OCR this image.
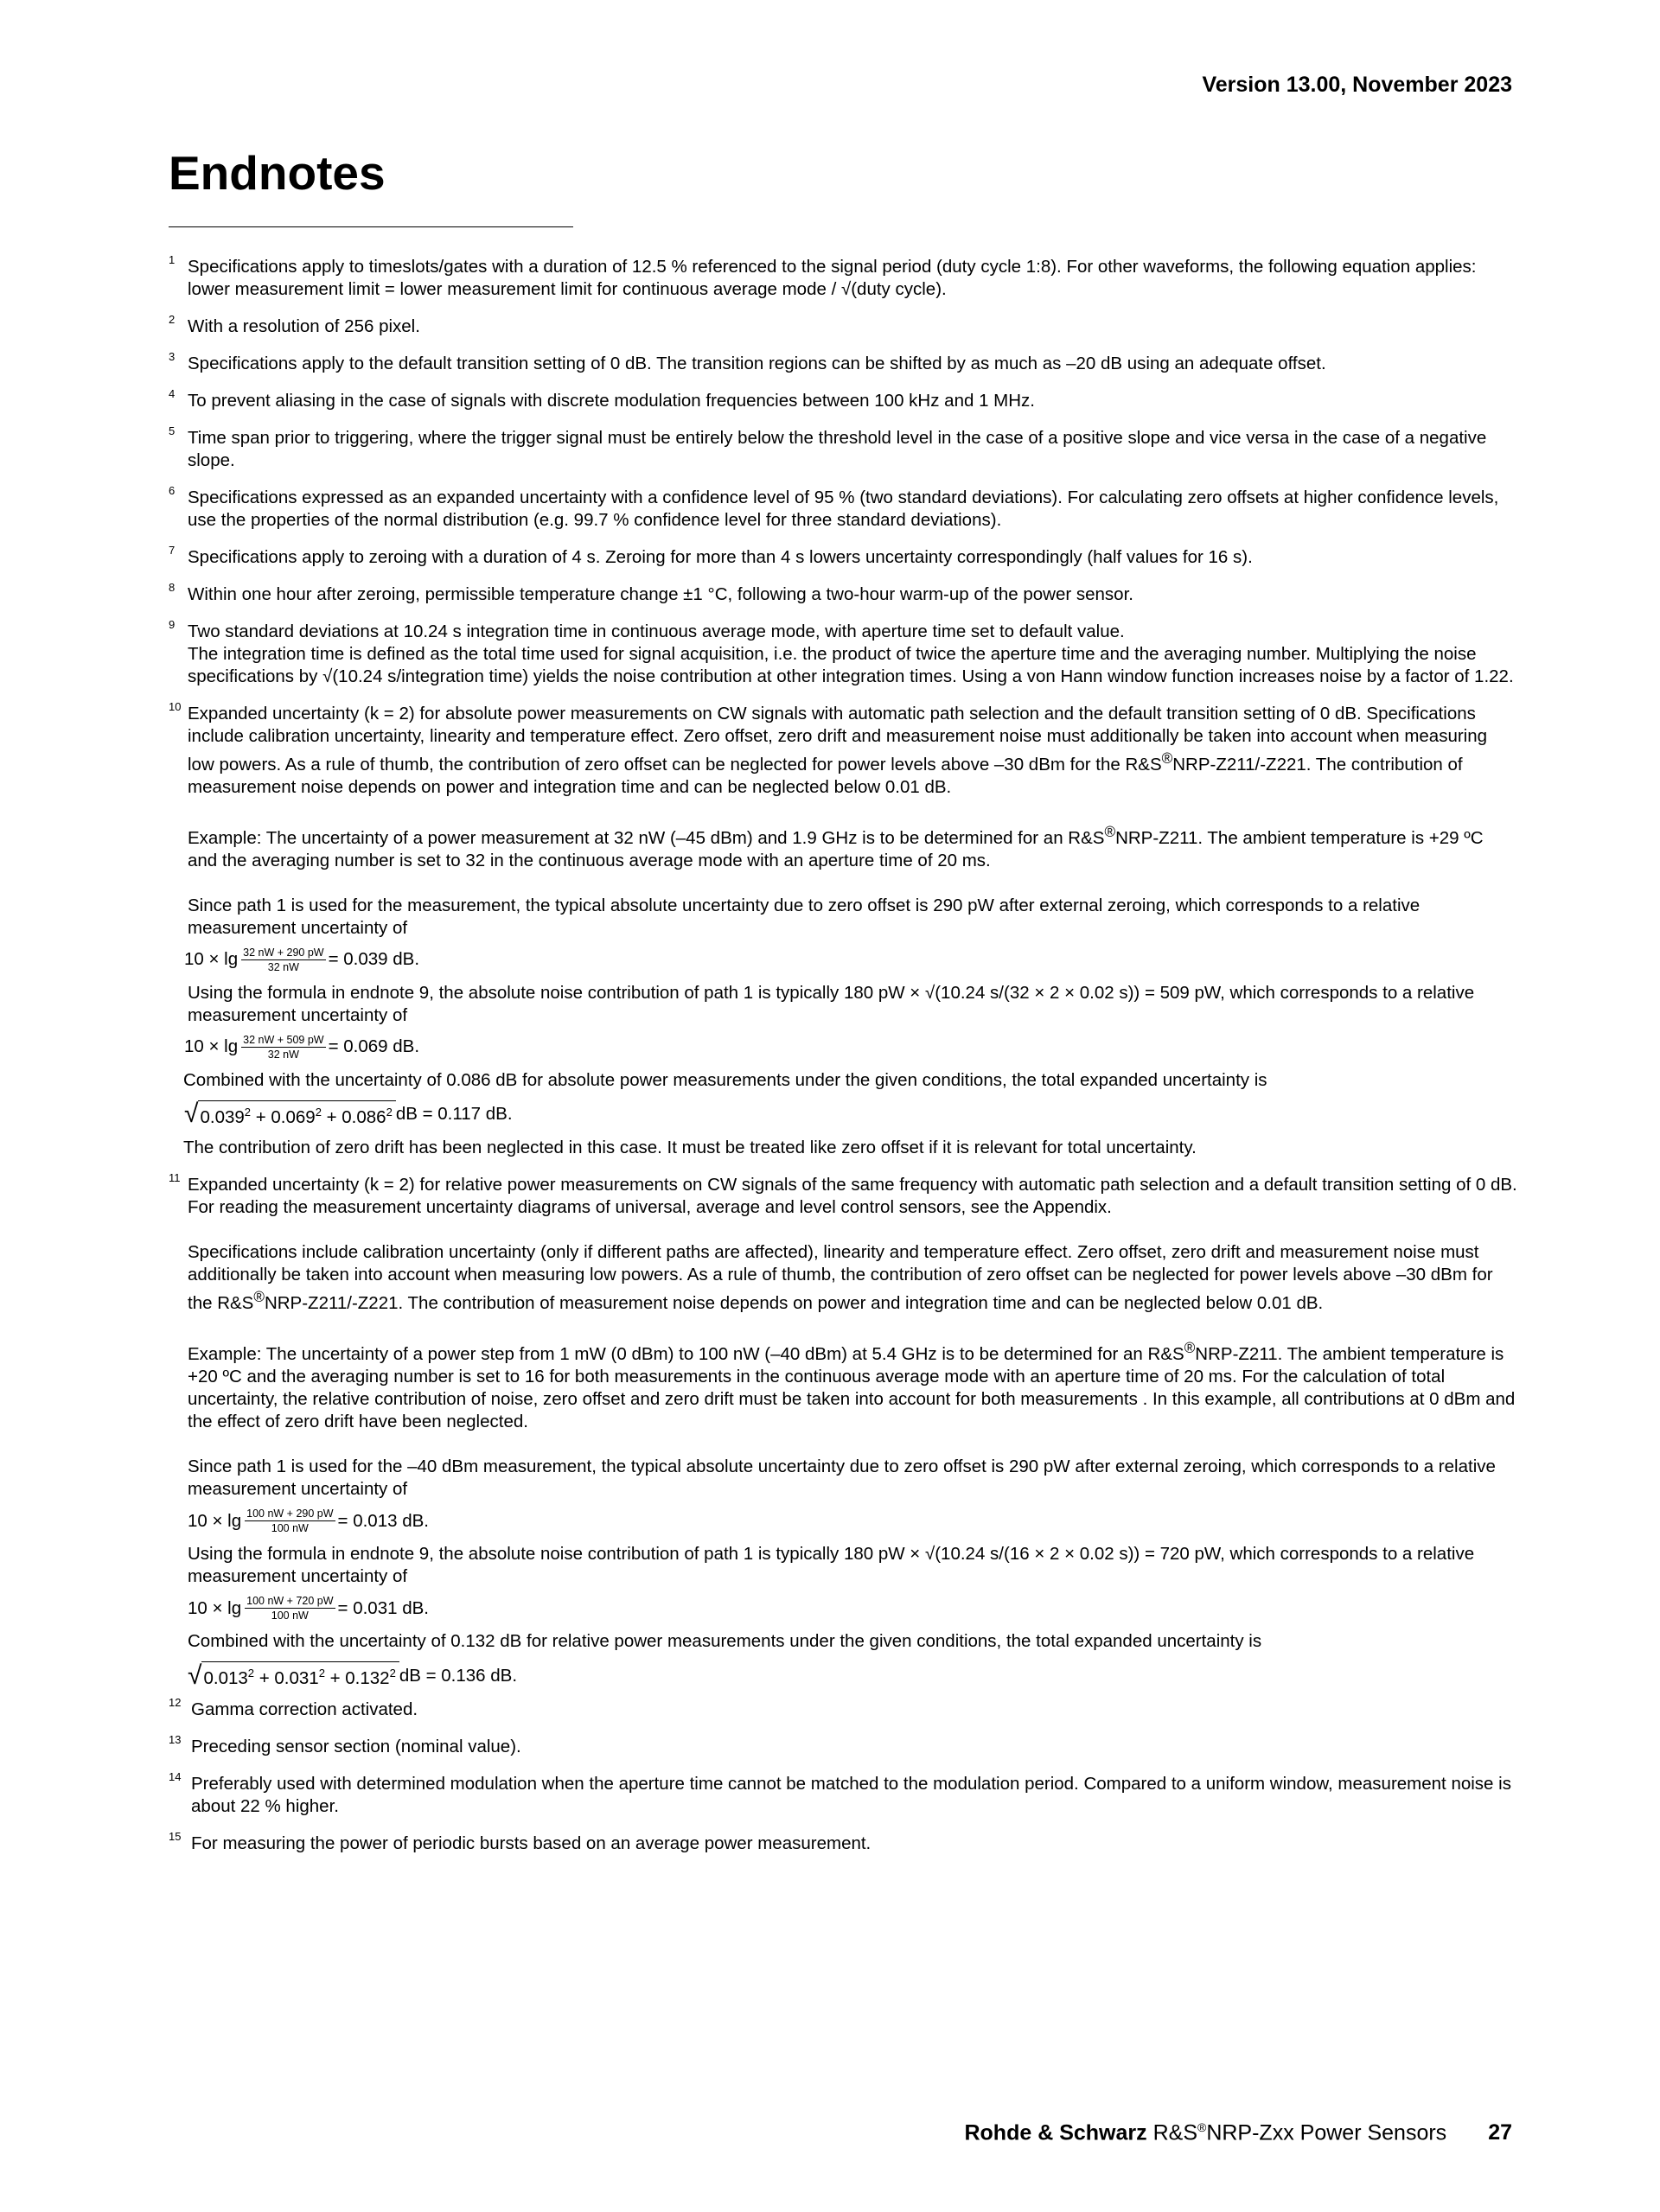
Version 13.00, November 2023
Endnotes
1 Specifications apply to timeslots/gates with a duration of 12.5 % referenced to the signal period (duty cycle 1:8). For other waveforms, the following equation applies: lower measurement limit = lower measurement limit for continuous average mode / √(duty cycle).

2 With a resolution of 256 pixel.

3 Specifications apply to the default transition setting of 0 dB. The transition regions can be shifted by as much as –20 dB using an adequate offset.

4 To prevent aliasing in the case of signals with discrete modulation frequencies between 100 kHz and 1 MHz.

5 Time span prior to triggering, where the trigger signal must be entirely below the threshold level in the case of a positive slope and vice versa in the case of a negative slope.

6 Specifications expressed as an expanded uncertainty with a confidence level of 95 % (two standard deviations). For calculating zero offsets at higher confidence levels, use the properties of the normal distribution (e.g. 99.7 % confidence level for three standard deviations).

7 Specifications apply to zeroing with a duration of 4 s. Zeroing for more than 4 s lowers uncertainty correspondingly (half values for 16 s).

8 Within one hour after zeroing, permissible temperature change ±1 °C, following a two-hour warm-up of the power sensor.

9 Two standard deviations at 10.24 s integration time in continuous average mode, with aperture time set to default value.

The integration time is defined as the total time used for signal acquisition, i.e. the product of twice the aperture time and the averaging number. Multiplying the noise specifications by √(10.24 s/integration time) yields the noise contribution at other integration times. Using a von Hann window function increases noise by a factor of 1.22.

10 Expanded uncertainty (k = 2) for absolute power measurements on CW signals with automatic path selection and the default transition setting of 0 dB. Specifications include calibration uncertainty, linearity and temperature effect. Zero offset, zero drift and measurement noise must additionally be taken into account when measuring low powers. As a rule of thumb, the contribution of zero offset can be neglected for power levels above –30 dBm for the R&S®NRP-Z211/-Z221. The contribution of measurement noise depends on power and integration time and can be neglected below 0.01 dB.

Example: The uncertainty of a power measurement at 32 nW (–45 dBm) and 1.9 GHz is to be determined for an R&S®NRP-Z211. The ambient temperature is +29 ºC and the averaging number is set to 32 in the continuous average mode with an aperture time of 20 ms.

Since path 1 is used for the measurement, the typical absolute uncertainty due to zero offset is 290 pW after external zeroing, which corresponds to a relative measurement uncertainty of

$10 \times \lg \frac{32 nW + 290 pW}{32 nW} = 0.039$ dB.

Using the formula in endnote 9, the absolute noise contribution of path 1 is typically 180 pW × √(10.24 s/(32 × 2 × 0.02 s)) = 509 pW, which corresponds to a relative measurement uncertainty of

$10 \times \lg \frac{32 nW + 509 pW}{32 nW} = 0.069$ dB.

Combined with the uncertainty of 0.086 dB for absolute power measurements under the given conditions, the total expanded uncertainty is

√ $0.039^2 + 0.069^2 + 0.086^2$ dB = 0.117 dB.

The contribution of zero drift has been neglected in this case. It must be treated like zero offset if it is relevant for total uncertainty.

11 Expanded uncertainty (k = 2) for relative power measurements on CW signals of the same frequency with automatic path selection and a default transition setting of 0 dB. For reading the measurement uncertainty diagrams of universal, average and level control sensors, see the Appendix.

Specifications include calibration uncertainty (only if different paths are affected), linearity and temperature effect. Zero offset, zero drift and measurement noise must additionally be taken into account when measuring low powers. As a rule of thumb, the contribution of zero offset can be neglected for power levels above –30 dBm for the R&S®NRP-Z211/-Z221. The contribution of measurement noise depends on power and integration time and can be neglected below 0.01 dB.

Example: The uncertainty of a power step from 1 mW (0 dBm) to 100 nW (–40 dBm) at 5.4 GHz is to be determined for an R&S®NRP-Z211. The ambient temperature is +20 ºC and the averaging number is set to 16 for both measurements in the continuous average mode with an aperture time of 20 ms. For the calculation of total uncertainty, the relative contribution of noise, zero offset and zero drift must be taken into account for both measurements . In this example, all contributions at 0 dBm and the effect of zero drift have been neglected.

Since path 1 is used for the –40 dBm measurement, the typical absolute uncertainty due to zero offset is 290 pW after external zeroing, which corresponds to a relative measurement uncertainty of

$10 \times \lg \frac{100 nW + 290 pW}{100 nW} = 0.013$ dB.

Using the formula in endnote 9, the absolute noise contribution of path 1 is typically 180 pW × √(10.24 s/(16 × 2 × 0.02 s)) = 720 pW, which corresponds to a relative measurement uncertainty of

$10 \times \lg \frac{100 nW + 720 pW}{100 nW} = 0.031$ dB.

Combined with the uncertainty of 0.132 dB for relative power measurements under the given conditions, the total expanded uncertainty is

√ $0.013^2 + 0.031^2 + 0.132^2$ dB = 0.136 dB.
12 Gamma correction activated.

13 Preceding sensor section (nominal value).

14 Preferably used with determined modulation when the aperture time cannot be matched to the modulation period. Compared to a uniform window, measurement noise is about 22 % higher.

15 For measuring the power of periodic bursts based on an average power measurement.

Rohde & Schwarz R&S®NRP-Zxx Power Sensors 27
